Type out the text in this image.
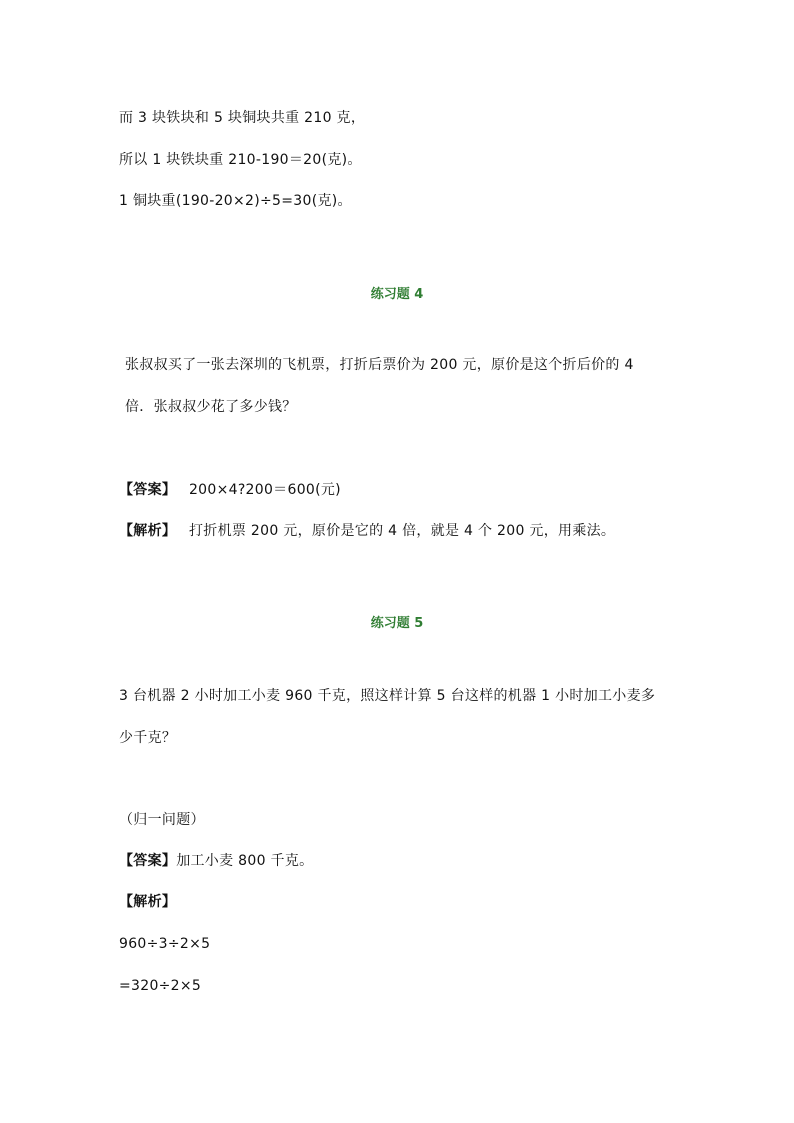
而 3 块铁块和 5 块铜块共重 210 克，
所以 1 块铁块重 210-190＝20(克)。
1 铜块重(190-20×2)÷5=30(克)。
练习题 4
张叔叔买了一张去深圳的飞机票，打折后票价为 200 元，原价是这个折后价的 4
倍．张叔叔少花了多少钱？
【答案】 200×4?200＝600(元)
【解析】 打折机票 200 元，原价是它的 4 倍，就是 4 个 200 元，用乘法。
练习题 5
3 台机器 2 小时加工小麦 960 千克，照这样计算 5 台这样的机器 1 小时加工小麦多
少千克？
（归一问题）
【答案】加工小麦 800 千克。
【解析】
960÷3÷2×5
=320÷2×5
